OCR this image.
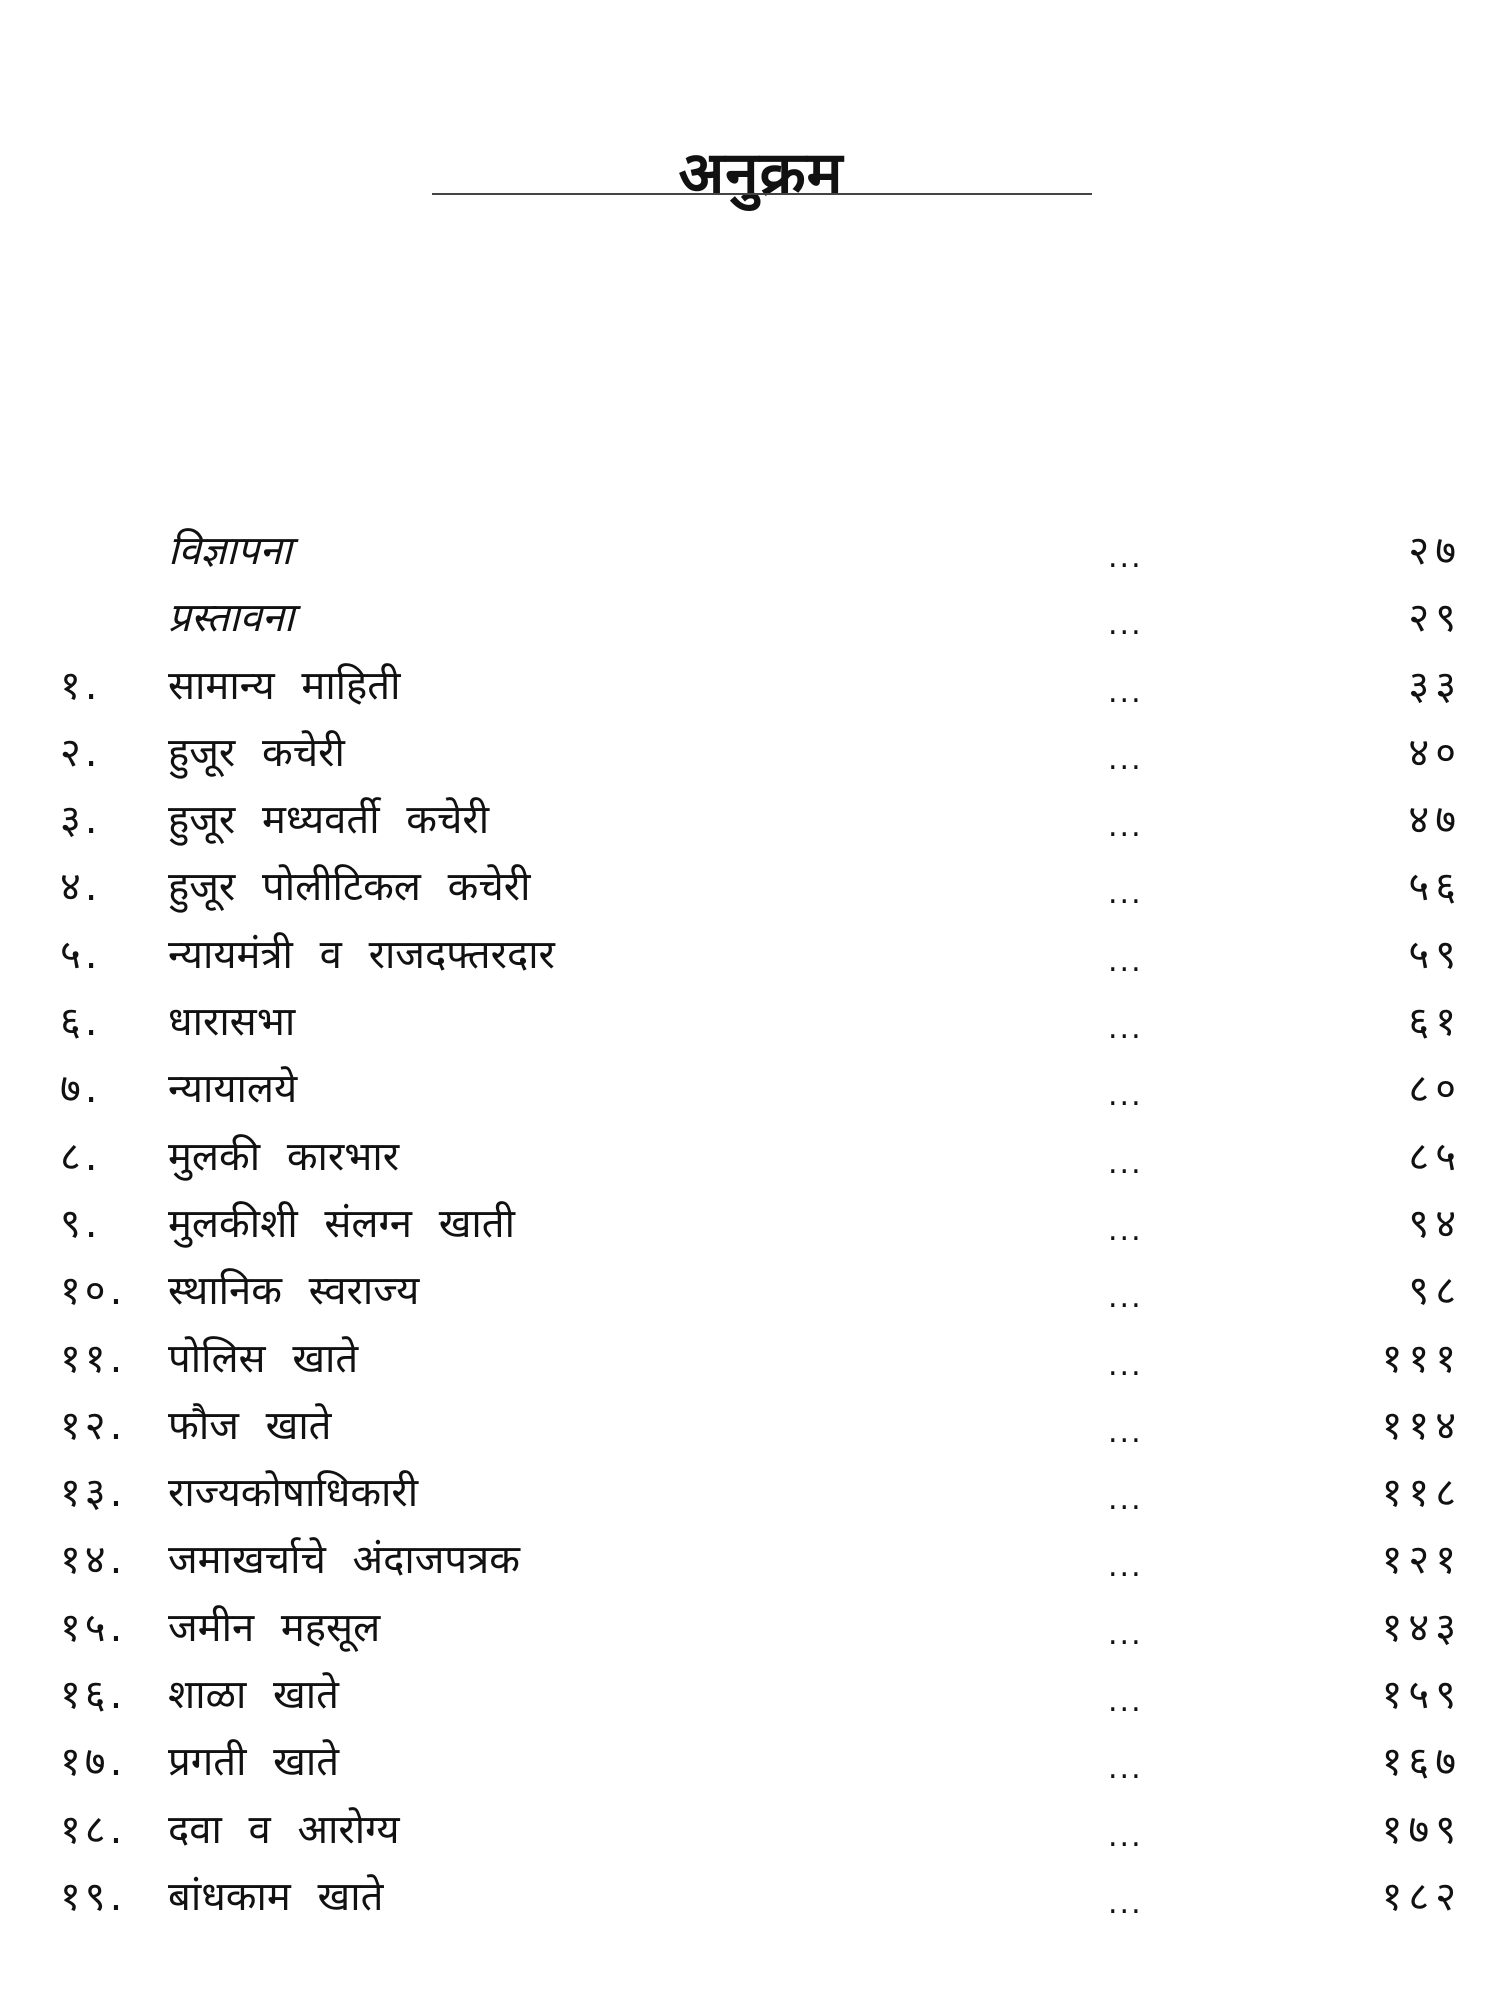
अनुक्रम
विज्ञापना	...	२७
प्रस्तावना	...	२९
१. सामान्य माहिती	...	३३
२. हुजूर कचेरी	...	४०
३. हुजूर मध्यवर्ती कचेरी	...	४७
४. हुजूर पोलीटिकल कचेरी	...	५६
५. न्यायमंत्री व राजदफ्तरदार	...	५९
६. धारासभा	...	६१
७. न्यायालये	...	८०
८. मुलकी कारभार	...	८५
९. मुलकीशी संलग्न खाती	...	९४
१०. स्थानिक स्वराज्य	...	९८
११. पोलिस खाते	...	१११
१२. फौज खाते	...	११४
१३. राज्यकोषाधिकारी	...	११८
१४. जमाखर्चाचे अंदाजपत्रक	...	१२१
१५. जमीन महसूल	...	१४३
१६. शाळा खाते	...	१५९
१७. प्रगती खाते	...	१६७
१८. दवा व आरोग्य	...	१७९
१९. बांधकाम खाते	...	१८२
